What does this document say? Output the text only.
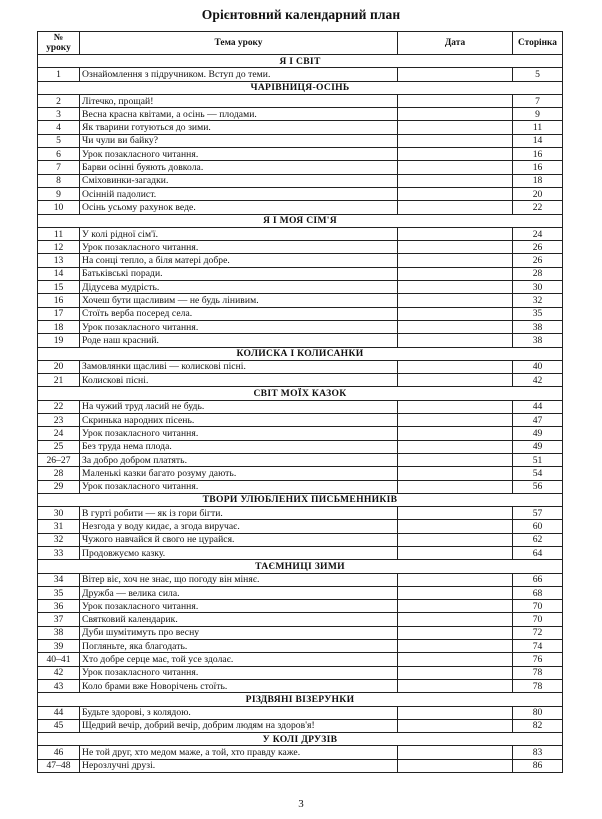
Орієнтовний календарний план
№ уроку	Тема уроку	Дата	Сторінка
Я І СВІТ			
1	Ознайомлення з підручником. Вступ до теми.		5
ЧАРІВНИЦЯ-ОСІНЬ			
2	Літечко, прощай!		7
3	Весна красна квітами, а осінь — плодами.		9
4	Як тварини готуються до зими.		11
5	Чи чули ви байку?		14
6	Урок позакласного читання.		16
7	Барви осінні буяють довкола.		16
8	Сміховинки-загадки.		18
9	Осінній падолист.		20
10	Осінь усьому рахунок веде.		22
Я І МОЯ СІМ'Я			
11	У колі рідної сім'ї.		24
12	Урок позакласного читання.		26
13	На сонці тепло, а біля матері добре.		26
14	Батьківські поради.		28
15	Дідусева мудрість.		30
16	Хочеш бути щасливим — не будь лінивим.		32
17	Стоїть верба посеред села.		35
18	Урок позакласного читання.		38
19	Роде наш красний.		38
КОЛИСКА І КОЛИСАНКИ			
20	Замовлянки щасливі — колискові пісні.		40
21	Колискові пісні.		42
СВІТ МОЇХ КАЗОК			
22	На чужий труд ласий не будь.		44
23	Скринька народних пісень.		47
24	Урок позакласного читання.		49
25	Без труда нема плода.		49
26–27	За добро добром платять.		51
28	Маленькі казки багато розуму дають.		54
29	Урок позакласного читання.		56
ТВОРИ УЛЮБЛЕНИХ ПИСЬМЕННИКІВ			
30	В гурті робити — як із гори бігти.		57
31	Незгода у воду кидає, а згода виручає.		60
32	Чужого навчайся й свого не цурайся.		62
33	Продовжуємо казку.		64
ТАЄМНИЦІ ЗИМИ			
34	Вітер віє, хоч не знає, що погоду він міняє.		66
35	Дружба — велика сила.		68
36	Урок позакласного читання.		70
37	Святковий календарик.		70
38	Дуби шумітимуть про весну		72
39	Погляньте, яка благодать.		74
40–41	Хто добре серце має, той усе здолає.		76
42	Урок позакласного читання.		78
43	Коло брами вже Новорічень стоїть.		78
РІЗДВЯНІ ВІЗЕРУНКИ			
44	Будьте здорові, з колядою.		80
45	Щедрий вечір, добрий вечір, добрим людям на здоров'я!		82
У КОЛІ ДРУЗІВ			
46	Не той друг, хто медом маже, а той, хто правду каже.		83
47–48	Нерозлучні друзі.		86
3
